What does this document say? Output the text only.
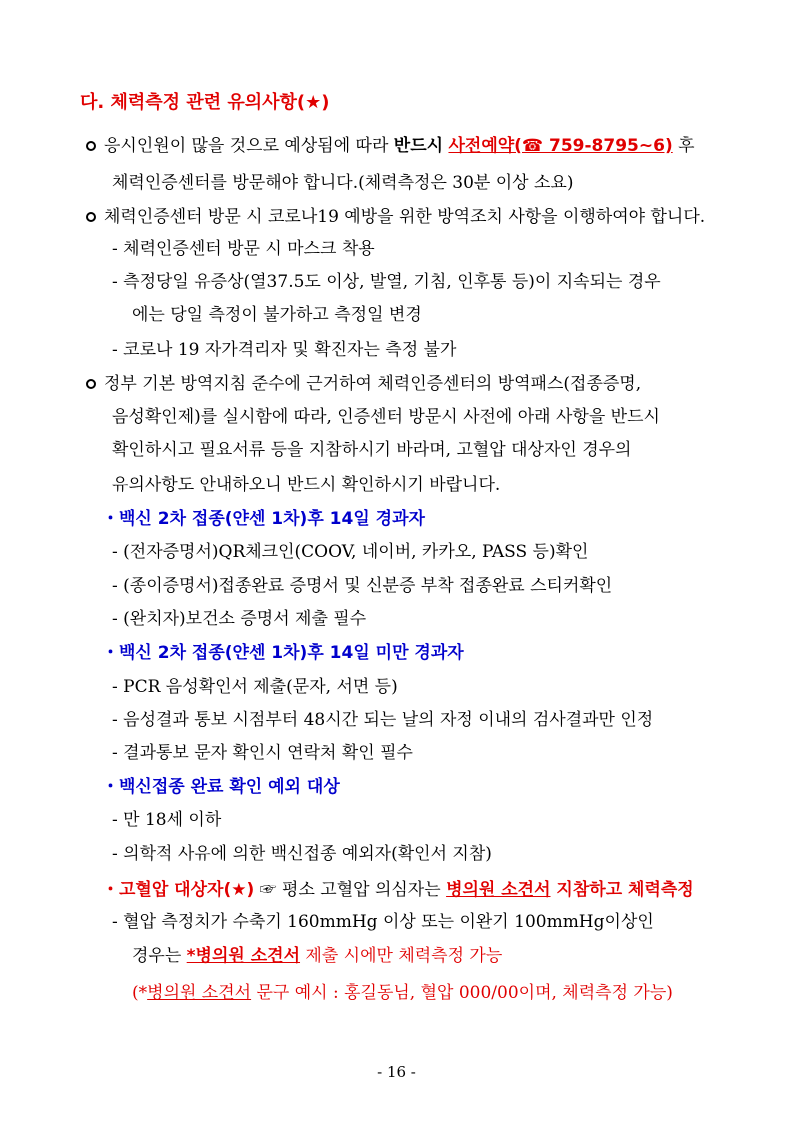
다. 체력측정 관련 유의사항(★)
응시인원이 많을 것으로 예상됨에 따라 반드시 사전예약(☎ 759-8795~6) 후
체력인증센터를 방문해야 합니다.(체력측정은 30분 이상 소요)
체력인증센터 방문 시 코로나19 예방을 위한 방역조치 사항을 이행하여야 합니다.
- 체력인증센터 방문 시 마스크 착용
- 측정당일 유증상(열37.5도 이상, 발열, 기침, 인후통 등)이 지속되는 경우
에는 당일 측정이 불가하고 측정일 변경
- 코로나 19 자가격리자 및 확진자는 측정 불가
정부 기본 방역지침 준수에 근거하여 체력인증센터의 방역패스(접종증명,
음성확인제)를 실시함에 따라, 인증센터 방문시 사전에 아래 사항을 반드시
확인하시고 필요서류 등을 지참하시기 바라며, 고혈압 대상자인 경우의
유의사항도 안내하오니 반드시 확인하시기 바랍니다.
・백신 2차 접종(얀센 1차)후 14일 경과자
- (전자증명서)QR체크인(COOV, 네이버, 카카오, PASS 등)확인
- (종이증명서)접종완료 증명서 및 신분증 부착 접종완료 스티커확인
- (완치자)보건소 증명서 제출 필수
・백신 2차 접종(얀센 1차)후 14일 미만 경과자
- PCR 음성확인서 제출(문자, 서면 등)
- 음성결과 통보 시점부터 48시간 되는 날의 자정 이내의 검사결과만 인정
- 결과통보 문자 확인시 연락처 확인 필수
・백신접종 완료 확인 예외 대상
- 만 18세 이하
- 의학적 사유에 의한 백신접종 예외자(확인서 지참)
・고혈압 대상자(★) ☞ 평소 고혈압 의심자는 병의원 소견서 지참하고 체력측정
- 혈압 측정치가 수축기 160mmHg 이상 또는 이완기 100mmHg이상인
경우는 *병의원 소견서 제출 시에만 체력측정 가능
(*병의원 소견서 문구 예시 : 홍길동님, 혈압 000/00이며, 체력측정 가능)
- 16 -
